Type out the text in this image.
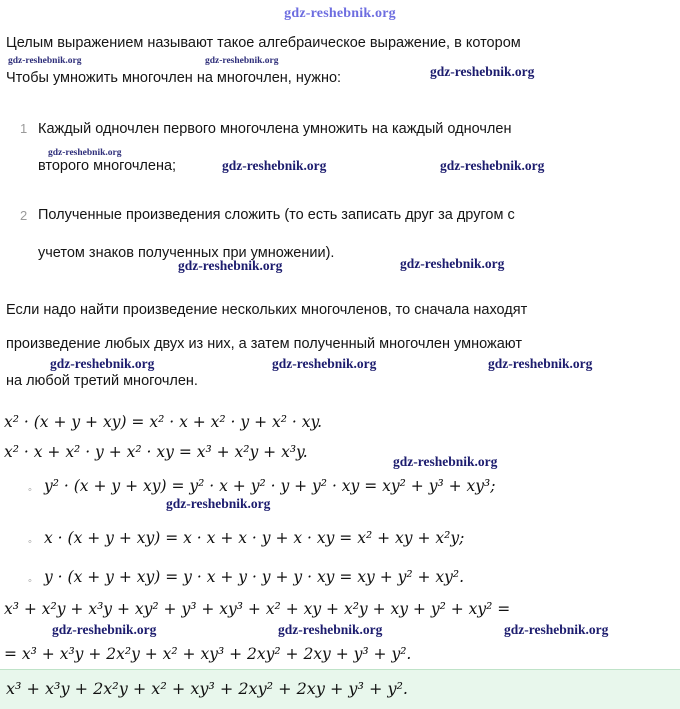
gdz-reshebnik.org
Целым выражением называют такое алгебраическое выражение, в котором
Чтобы умножить многочлен на многочлен, нужно:
1 Каждый одночлен первого многочлена умножить на каждый одночлен
второго многочлена;
2 Полученные произведения сложить (то есть записать друг за другом с
учетом знаков полученных при умножении).
Если надо найти произведение нескольких многочленов, то сначала находят
произведение любых двух из них, а затем полученный многочлен умножают
на любой третий многочлен.
x² · (x + y + xy) = x² · x + x² · y + x² · xy.
x² · x + x² · y + x² · xy = x³ + x²y + x³y.
◦ y² · (x + y + xy) = y² · x + y² · y + y² · xy = xy² + y³ + xy³;
◦ x · (x + y + xy) = x · x + x · y + x · xy = x² + xy + x²y;
◦ y · (x + y + xy) = y · x + y · y + y · xy = xy + y² + xy².
x³ + x²y + x³y + xy² + y³ + xy³ + x² + xy + x²y + xy + y² + xy² =
= x³ + x³y + 2x²y + x² + xy³ + 2xy² + 2xy + y³ + y².
x³ + x³y + 2x²y + x² + xy³ + 2xy² + 2xy + y³ + y².
gdz-reshebnik.org	gdz-reshebnik.org
gdz-reshebnik.org
gdz-reshebnik.org
gdz-reshebnik.org	gdz-reshebnik.org
gdz-reshebnik.org	gdz-reshebnik.org
gdz-reshebnik.org	gdz-reshebnik.org	gdz-reshebnik.org
gdz-reshebnik.org
gdz-reshebnik.org
gdz-reshebnik.org	gdz-reshebnik.org	gdz-reshebnik.org
